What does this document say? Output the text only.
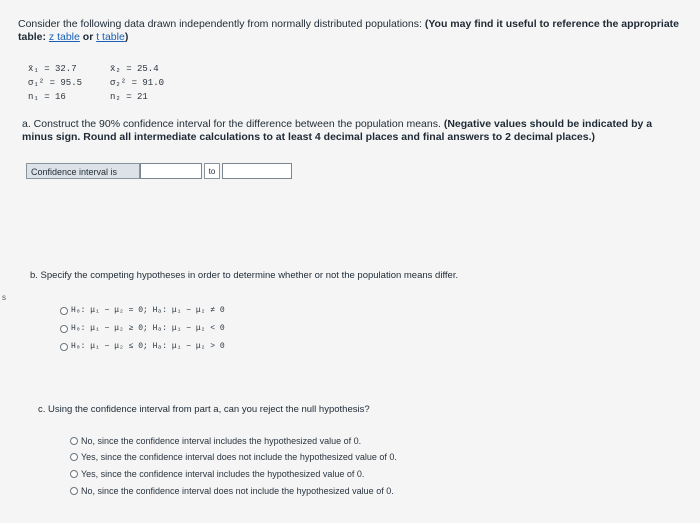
Consider the following data drawn independently from normally distributed populations: (You may find it useful to reference the appropriate table: z table or t table)
x̄₁ = 32.7
σ₁² = 95.5
n₁ = 16
x̄₂ = 25.4
σ₂² = 91.0
n₂ = 21
a. Construct the 90% confidence interval for the difference between the population means. (Negative values should be indicated by a minus sign. Round all intermediate calculations to at least 4 decimal places and final answers to 2 decimal places.)
Confidence interval is	to
b. Specify the competing hypotheses in order to determine whether or not the population means differ.
H₀: μ₁ − μ₂ = 0; Hₐ: μ₁ − μ₂ ≠ 0
H₀: μ₁ − μ₂ ≥ 0; Hₐ: μ₁ − μ₂ < 0
H₀: μ₁ − μ₂ ≤ 0; Hₐ: μ₁ − μ₂ > 0
c. Using the confidence interval from part a, can you reject the null hypothesis?
No, since the confidence interval includes the hypothesized value of 0.
Yes, since the confidence interval does not include the hypothesized value of 0.
Yes, since the confidence interval includes the hypothesized value of 0.
No, since the confidence interval does not include the hypothesized value of 0.
s
